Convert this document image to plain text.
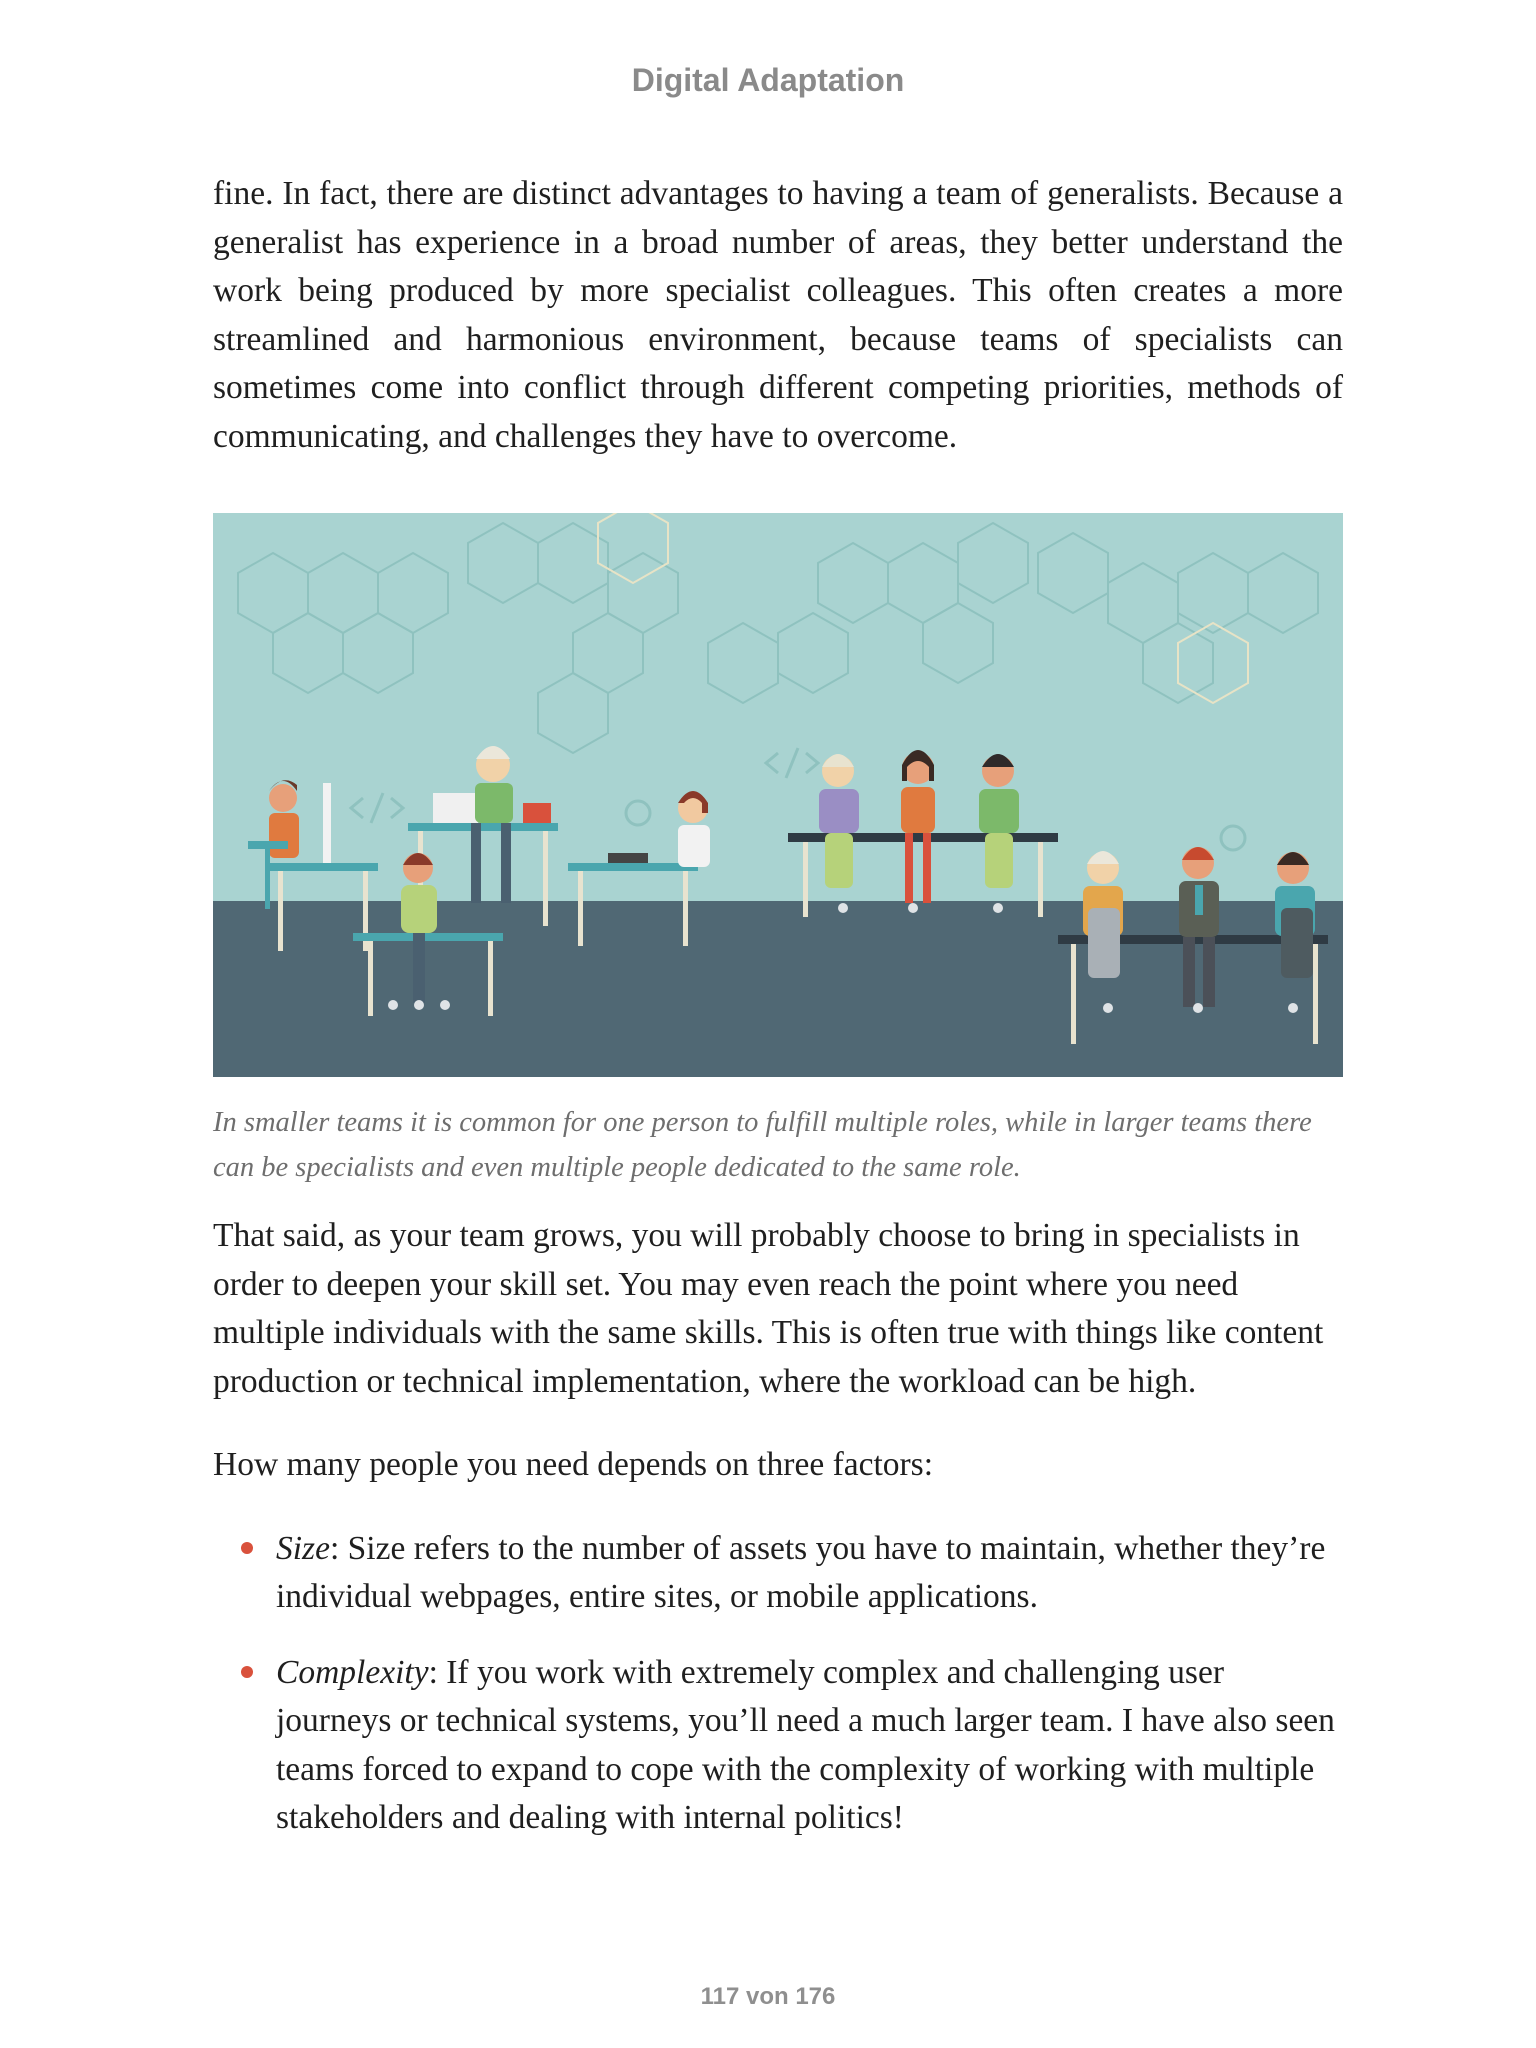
Digital Adaptation

fine. In fact, there are distinct advantages to having a team of generalists. Because a generalist has experience in a broad number of areas, they better understand the work being produced by more specialist colleagues. This often creates a more streamlined and harmonious environment, because teams of specialists can sometimes come into conflict through different competing priorities, methods of communicating, and challenges they have to overcome.

In smaller teams it is common for one person to fulfill multiple roles, while in larger teams there can be specialists and even multiple people dedicated to the same role.

That said, as your team grows, you will probably choose to bring in specialists in order to deepen your skill set. You may even reach the point where you need multiple individuals with the same skills. This is often true with things like content production or technical implementation, where the workload can be high.

How many people you need depends on three factors:

Size: Size refers to the number of assets you have to maintain, whether they’re individual webpages, entire sites, or mobile applications.
Complexity: If you work with extremely complex and challenging user journeys or technical systems, you’ll need a much larger team. I have also seen teams forced to expand to cope with the complexity of working with multiple stakeholders and dealing with internal politics!
117 von 176
